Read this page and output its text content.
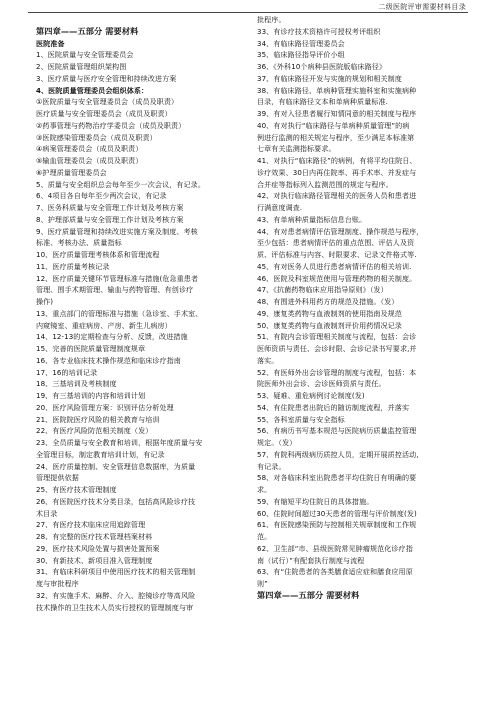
二级医院评审需要材料目录
第四章——五部分 需要材料
医院准备
1、医院质量与安全管理委员会
2、医院质量管理组织架构图
3、医疗质量与医疗安全管理和持续改进方案
4、医院质量管理委员会组织体系：
①医院质量与安全管理委员会（成员及职责）
医疗质量与安全管理委员会（成员及职责）
②药事管理与药物治疗学委员会（成员及职责）
③医院感染管理委员会（成员及职责）
④病案管理委员会（成员及职责）
⑤输血管理委员会（成员及职责）
⑥护理质量管理委员会
5、质量与安全组织总会每年至少一次会议，有记录。
6、4项目各自每年至少两次会议，有记录
7、医务科质量与安全管理工作计划及考核方案
8、护理部质量与安全管理工作计划及考核方案
9、医疗质量管理和持续改进实施方案及制度、考核
标准、考核办法、质量指标
10、医疗质量管理考核体系和管理流程
11、医疗质量考核记录
12、医疗质量关键环节管理标准与措施(危急重患者
管理、围手术期管理、输血与药物管理、有创诊疗
操作)
13、重点部门的管理标准与措施（急诊室、手术室、
内窥镜室、重症病房、产房、新生儿病房）
14、12-13的定期检查与分析、反馈，改进措施
15、完善的医院质量管理制度规章
16、各专业临床技术操作规范和临床诊疗指南
17、16的培训记录
18、三基培训及考核制度
19、有三基培训的内容和培训计划
20、医疗风险管理方案：识别评估分析处理
21、医院院医疗风险的相关教育与培训
22、有医疗风险防范相关制度（发）
23、全员质量与安全教育和培训，根据年度质量与安
全管理目标，制定教育培训计划，有记录
24、医疗质量控制、安全管理信息数据库，为质量
管理提供依据
25、有医疗技术管理制度
26、有医院医疗技术分类目录，包括高风险诊疗技
术目录
27、有医疗技术临床应用追踪管理
28、有完整的医疗技术管理档案材料
29、医疗技术风险处置与损害处置预案
30、有新技术、新项目准入管理制度
31、有临床科研项目中使用医疗技术的相关管理制
度与审批程序
32、有实施手术、麻醉、介入、腔镜诊疗等高风险
技术操作的卫生技术人员实行授权的管理制度与审
批程序。
33、有诊疗技术资格许可授权考评组织
34、有临床路径管理委员会
35、临床路径指导评价小组
36、《外科10个病种县医院版临床路径》
37、有临床路径开发与实施的规划和相关制度
38、有临床路径、单病种管理实施科室和实施病种
目录，有临床路径文本和单病种质量标准.
39、有对入径患者履行知情同意的相关制度与程序
40、有对执行“临床路径与单病种质量管理”的病
例进行监测的相关规定与程序，至少满足本标准第
七章有关监测指标要求。
41、对执行“临床路径”的病例，有将平均住院日、
诊疗效果、30日内再住院率、再手术率、并发症与
合并症等指标列入监测范围的规定与程序。
42、对执行临床路径管理相关的医务人员和患者进
行满意度调查.
43、有单病种质量指标信息台账。
44、有对患者病情评估管理制度、操作规范与程序，
至少包括：患者病情评估的重点范围、评估人及资
质、评估标准与内容、时限要求、记录文件格式等.
45、有对医务人员进行患者病情评估的相关培训.
46、医院及科室规范使用与管理药物的相关制度。
47、《抗菌药物临床应用指导原则》（发）
48、有围进外科用药方的规范及措施。（发）
49、康复类药物与血液制剂的使用指南及规范
50、康复类药物与血液制剂评价用药情况记录
51、有院内会诊管理相关制度与流程，包括：会诊
医师资质与责任、会诊时限、会诊记录书写要求,并
落实。
52、有医师外出会诊管理的制度与流程，包括：本
院医师外出会诊、会诊医师资质与责任。
53、疑难、重危病例讨论制度(发)
54、有住院患者出院后的随访制度流程，并落实
55、各科室质量与安全指标
56、有病历书写基本规范与医院病历质量监控管理
规定。（发）
57、有院科两级病历质控人员，定期开展质控活动,
有记录。
58、对各临床科室出院患者平均住院日有明确的要
求。
59、有缩短平均住院日的具体措施。
60、住院时间超过30天患者的管理与评价制度(发)
61、有医院感染预防与控制相关规章制度和工作规
范。
62、卫生部“市、县级医院常见肿瘤规范化诊疗指
南（试行）”有配套执行制度与流程
63、有“住院患者的各类膳食适应症和膳食应用原
则”
第四章——五部分 需要材料
